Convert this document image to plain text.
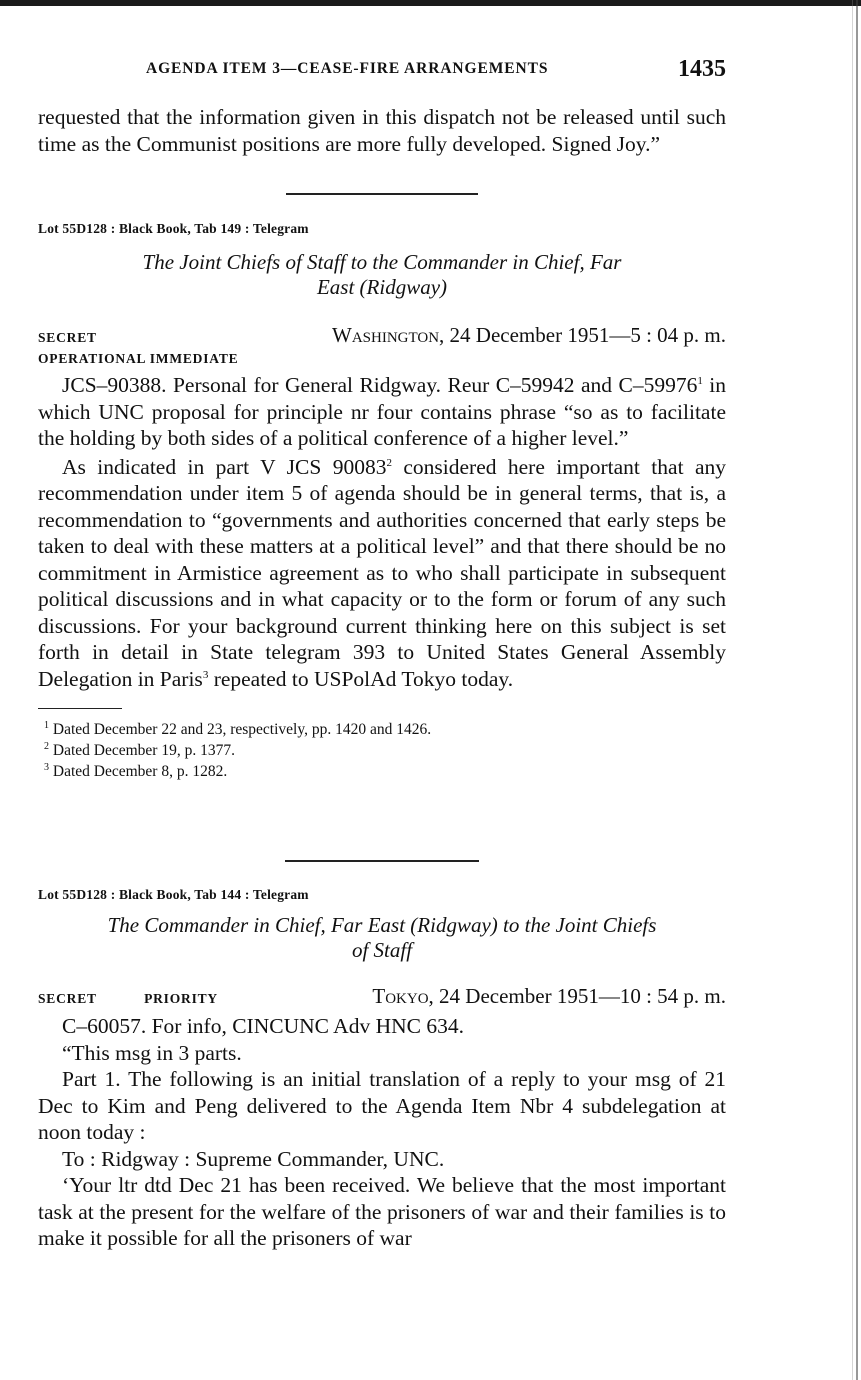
AGENDA ITEM 3—CEASE-FIRE ARRANGEMENTS	1435

requested that the information given in this dispatch not be released until such time as the Communist positions are more fully developed. Signed Joy.”

Lot 55D128 : Black Book, Tab 149 : Telegram

The Joint Chiefs of Staff to the Commander in Chief, Far

East (Ridgway)

SECRET	Washington, 24 December 1951—5 : 04 p. m.
OPERATIONAL IMMEDIATE

JCS–90388. Personal for General Ridgway. Reur C–59942 and C–59976$^1$ in which UNC proposal for principle nr four contains phrase “so as to facilitate the holding by both sides of a political conference of a higher level.”

As indicated in part V JCS 90083$^2$ considered here important that any recommendation under item 5 of agenda should be in general terms, that is, a recommendation to “governments and authorities concerned that early steps be taken to deal with these matters at a political level” and that there should be no commitment in Armistice agreement as to who shall participate in subsequent political discussions and in what capacity or to the form or forum of any such discussions. For your background current thinking here on this subject is set forth in detail in State telegram 393 to United States General Assembly Delegation in Paris$^3$ repeated to USPolAd Tokyo today.

$^1$ Dated December 22 and 23, respectively, pp. 1420 and 1426.

$^2$ Dated December 19, p. 1377.

$^3$ Dated December 8, p. 1282.

Lot 55D128 : Black Book, Tab 144 : Telegram

The Commander in Chief, Far East (Ridgway) to the Joint Chiefs

of Staff

SECRET	PRIORITY	Tokyo, 24 December 1951—10 : 54 p. m.

C–60057. For info, CINCUNC Adv HNC 634.

“This msg in 3 parts.

Part 1. The following is an initial translation of a reply to your msg of 21 Dec to Kim and Peng delivered to the Agenda Item Nbr 4 subdelegation at noon today :

To : Ridgway : Supreme Commander, UNC.

‘Your ltr dtd Dec 21 has been received. We believe that the most important task at the present for the welfare of the prisoners of war and their families is to make it possible for all the prisoners of war
